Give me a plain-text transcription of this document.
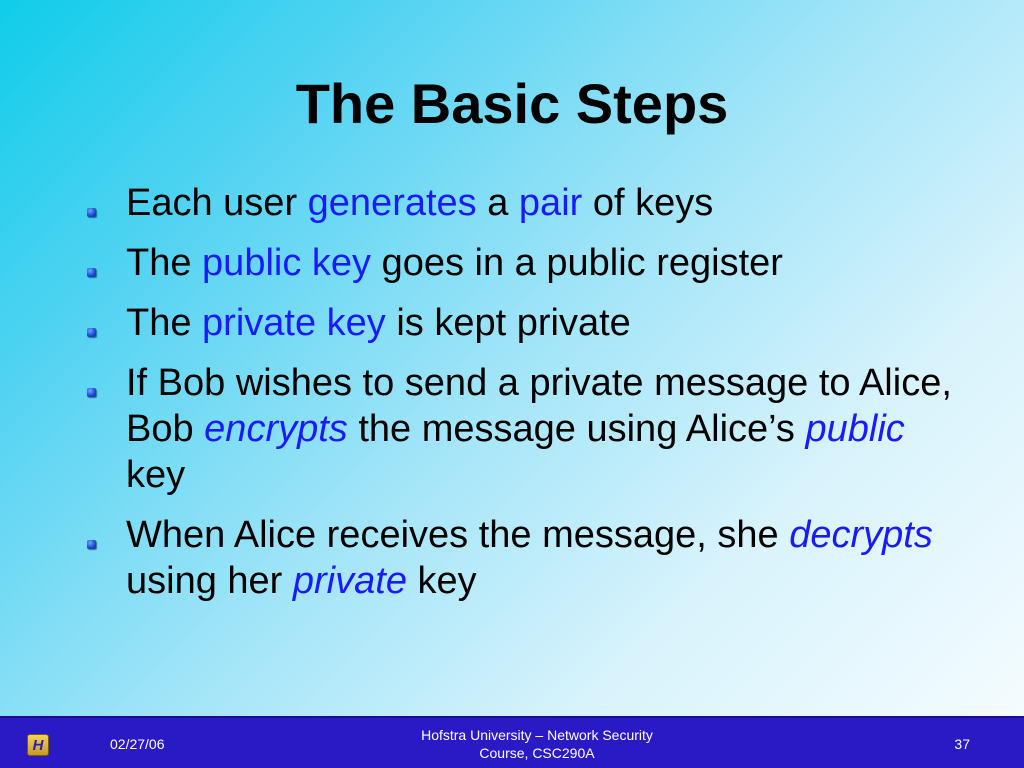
The Basic Steps
Each user generates a pair of keys
The public key goes in a public register
The private key is kept private
If Bob wishes to send a private message to Alice, Bob encrypts the message using Alice’s public key
When Alice receives the message, she decrypts using her private key
H	02/27/06
Hofstra University – Network Security
Course, CSC290A
37
